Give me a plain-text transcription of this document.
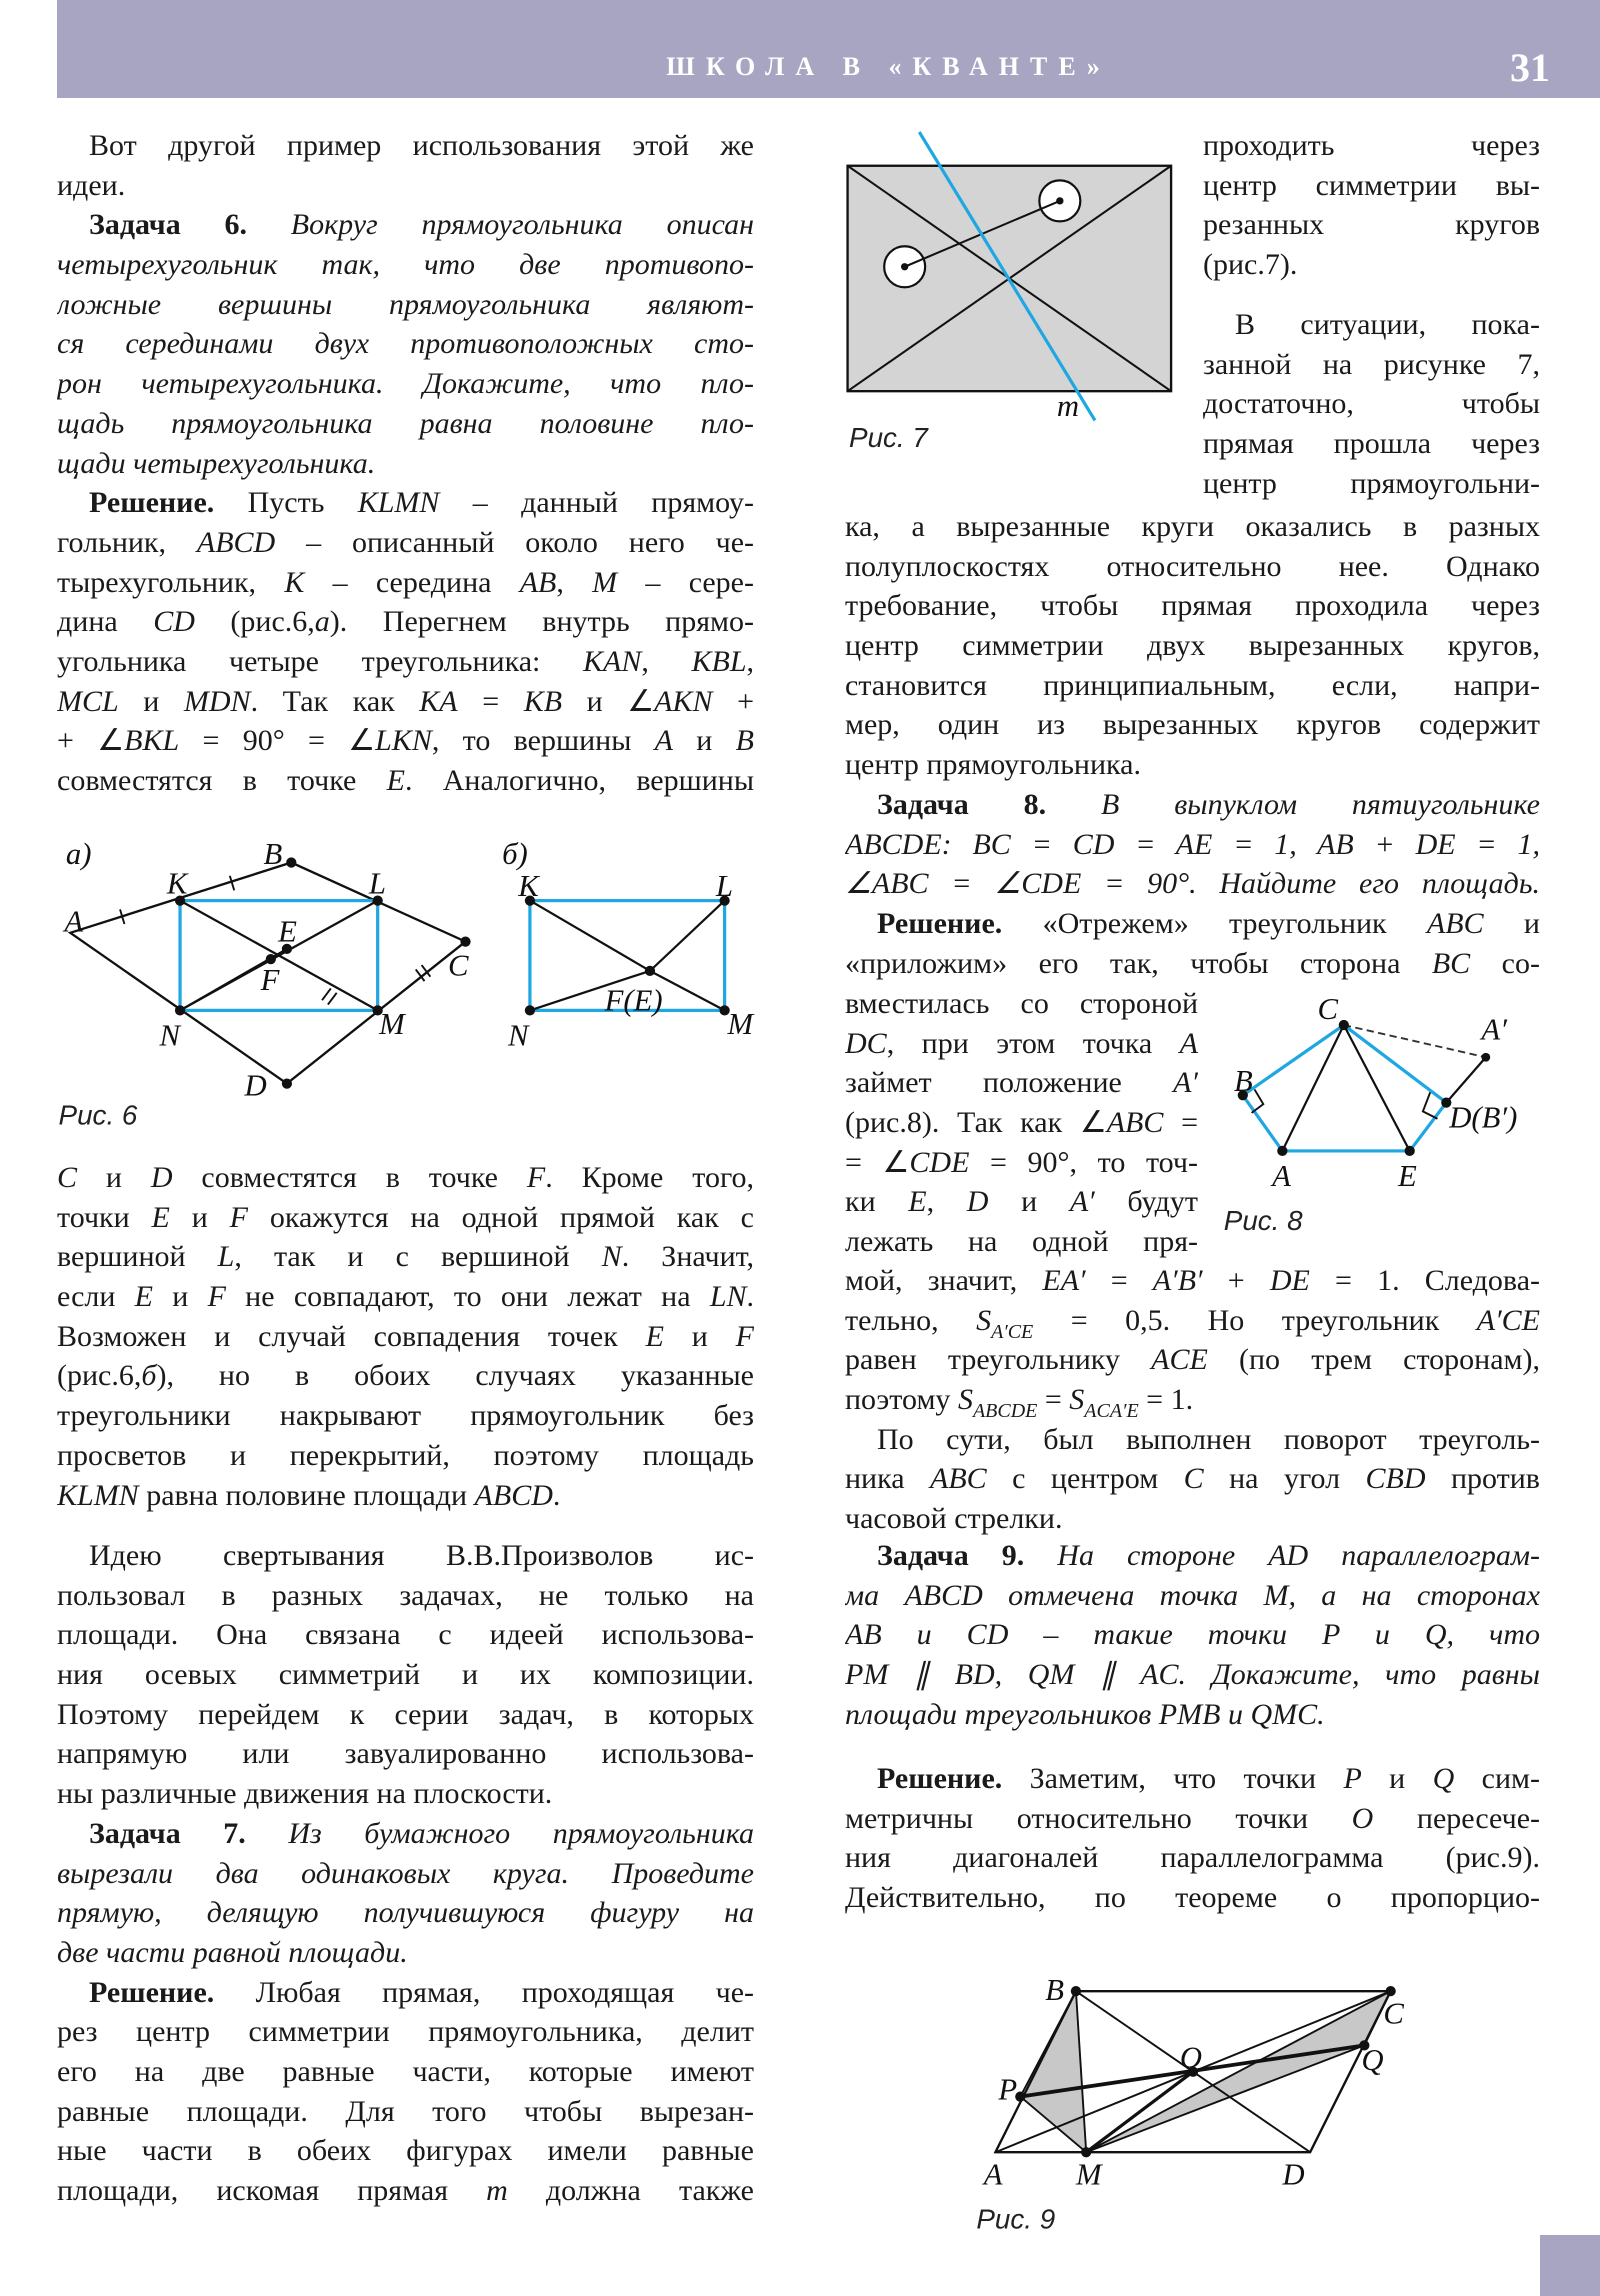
ШКОЛА В «КВАНТЕ»	31
Вот другой пример использования этой же
идеи.
Задача 6. Вокруг прямоугольника описан
четырехугольник так, что две противопо-
ложные вершины прямоугольника являют-
ся серединами двух противоположных сто-
рон четырехугольника. Докажите, что пло-
щадь прямоугольника равна половине пло-
щади четырехугольника.
Решение. Пусть KLMN – данный прямоу-
гольник, ABCD – описанный около него че-
тырехугольник, K – середина AB, M – сере-
дина CD (рис.6,а). Перегнем внутрь прямо-
угольника четыре треугольника: KAN, KBL,
MCL и MDN. Так как KA = KB и ∠AKN +
+ ∠BKL = 90° = ∠LKN, то вершины A и B
совместятся в точке E. Аналогично, вершины
C и D совместятся в точке F. Кроме того,
точки E и F окажутся на одной прямой как с
вершиной L, так и с вершиной N. Значит,
если E и F не совпадают, то они лежат на LN.
Возможен и случай совпадения точек E и F
(рис.6,б), но в обоих случаях указанные
треугольники накрывают прямоугольник без
просветов и перекрытий, поэтому площадь
KLMN равна половине площади ABCD.
Идею свертывания В.В.Произволов ис-
пользовал в разных задачах, не только на
площади. Она связана с идеей использова-
ния осевых симметрий и их композиции.
Поэтому перейдем к серии задач, в которых
напрямую или завуалированно использова-
ны различные движения на плоскости.
Задача 7. Из бумажного прямоугольника
вырезали два одинаковых круга. Проведите
прямую, делящую получившуюся фигуру на
две части равной площади.
Решение. Любая прямая, проходящая че-
рез центр симметрии прямоугольника, делит
его на две равные части, которые имеют
равные площади. Для того чтобы вырезан-
ные части в обеих фигурах имели равные
площади, искомая прямая m должна также
проходить через
центр симметрии вы-
резанных кругов
(рис.7).
В ситуации, пока-
занной на рисунке 7,
достаточно, чтобы
прямая прошла через
центр прямоугольни-
ка, а вырезанные круги оказались в разных
полуплоскостях относительно нее. Однако
требование, чтобы прямая проходила через
центр симметрии двух вырезанных кругов,
становится принципиальным, если, напри-
мер, один из вырезанных кругов содержит
центр прямоугольника.
Задача 8. В выпуклом пятиугольнике
ABCDE: BC = CD = AE = 1, AB + DE = 1,
∠ABC = ∠CDE = 90°. Найдите его площадь.
Решение. «Отрежем» треугольник ABC и
«приложим» его так, чтобы сторона BC со-
вместилась со стороной
DC, при этом точка A
займет положение A′
(рис.8). Так как ∠ABC =
= ∠CDE = 90°, то точ-
ки E, D и A′ будут
лежать на одной пря-
мой, значит, EA′ = A′B′ + DE = 1. Следова-
тельно, $S_{A'CE} = 0,5$. Но треугольник A′CE
равен треугольнику ACE (по трем сторонам),
поэтому $S_{ABCDE} = S_{ACA'E} = 1$.
По сути, был выполнен поворот треуголь-
ника ABC с центром C на угол CBD против
часовой стрелки.
Задача 9. На стороне AD параллелограм-
ма ABCD отмечена точка M, а на сторонах
AB и CD – такие точки P и Q, что
PM ∥ BD, QM ∥ AC. Докажите, что равны
площади треугольников PMB и QMC.
Решение. Заметим, что точки P и Q сим-
метричны относительно точки O пересече-
ния диагоналей параллелограмма (рис.9).
Действительно, по теореме о пропорцио-
а)	B
K	L
A	E
C
F
N	M
D
Рис. 6
б)
K	L
F(E)
N	M
m
Рис. 7
C
A′
B
D(B′)
A	E
Рис. 8
B
C
O	Q
P
A	M	D
Рис. 9
